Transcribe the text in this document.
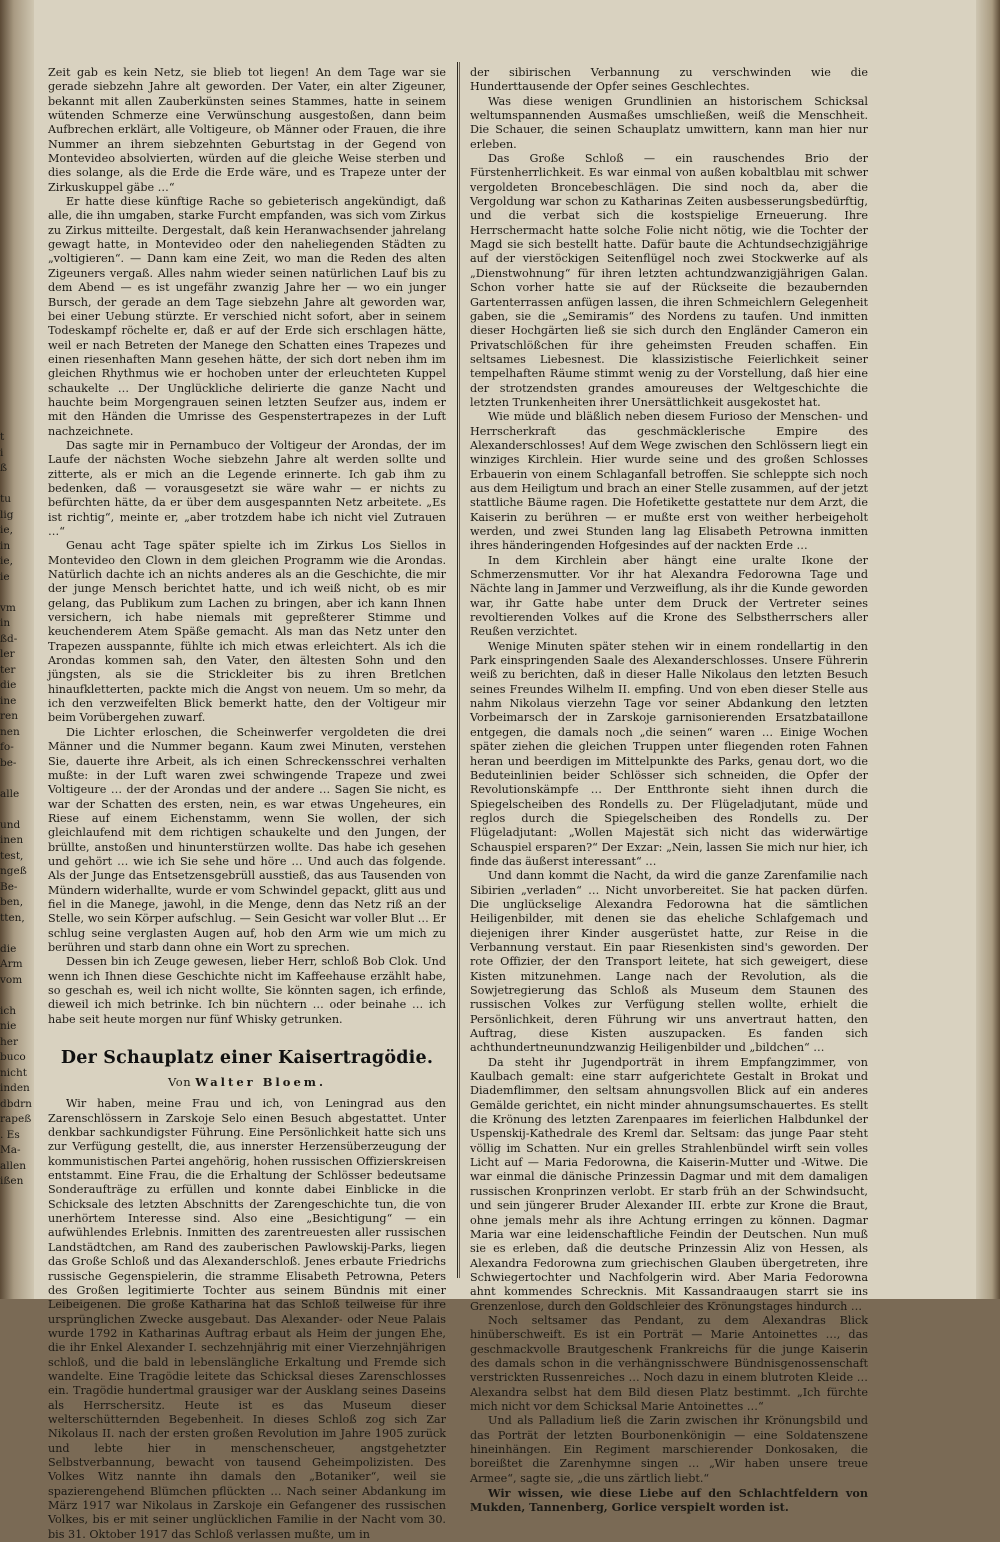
t
i
ß

tu
lig
ie,
in
ie,
ie

vm
in
ßd-
ler
ter
die
ine
ren
nen
fo-
be-

alle

und
inen
test,
ngeß
Be-
ben,
tten,

die
Arm
vom

ich
nie
her
buco
nicht
inden
dbdrn
rapeß
. Es
Ma-
allen
ißen

Zeit gab es kein Netz, sie blieb tot liegen! An dem Tage war sie gerade siebzehn Jahre alt geworden. Der Vater, ein alter Zigeuner, bekannt mit allen Zauberkünsten seines Stammes, hatte in seinem wütenden Schmerze eine Verwünschung ausgestoßen, dann beim Aufbrechen erklärt, alle Voltigeure, ob Männer oder Frauen, die ihre Nummer an ihrem siebzehnten Geburtstag in der Gegend von Montevideo absolvierten, würden auf die gleiche Weise sterben und dies solange, als die Erde die Erde wäre, und es Trapeze unter der Zirkuskuppel gäbe …“

Er hatte diese künftige Rache so gebieterisch angekündigt, daß alle, die ihn umgaben, starke Furcht empfanden, was sich vom Zirkus zu Zirkus mitteilte. Dergestalt, daß kein Heranwachsender jahrelang gewagt hatte, in Montevideo oder den naheliegenden Städten zu „voltigieren“. — Dann kam eine Zeit, wo man die Reden des alten Zigeuners vergaß. Alles nahm wieder seinen natürlichen Lauf bis zu dem Abend — es ist ungefähr zwanzig Jahre her — wo ein junger Bursch, der gerade an dem Tage siebzehn Jahre alt geworden war, bei einer Uebung stürzte. Er verschied nicht sofort, aber in seinem Todeskampf röchelte er, daß er auf der Erde sich erschlagen hätte, weil er nach Betreten der Manege den Schatten eines Trapezes und einen riesenhaften Mann gesehen hätte, der sich dort neben ihm im gleichen Rhythmus wie er hochoben unter der erleuchteten Kuppel schaukelte … Der Unglückliche delirierte die ganze Nacht und hauchte beim Morgengrauen seinen letzten Seufzer aus, indem er mit den Händen die Umrisse des Gespenstertrapezes in der Luft nachzeichnete.

Das sagte mir in Pernambuco der Voltigeur der Arondas, der im Laufe der nächsten Woche siebzehn Jahre alt werden sollte und zitterte, als er mich an die Legende erinnerte. Ich gab ihm zu bedenken, daß — vorausgesetzt sie wäre wahr — er nichts zu befürchten hätte, da er über dem ausgespannten Netz arbeitete. „Es ist richtig“, meinte er, „aber trotzdem habe ich nicht viel Zutrauen …“

Genau acht Tage später spielte ich im Zirkus Los Siellos in Montevideo den Clown in dem gleichen Programm wie die Arondas. Natürlich dachte ich an nichts anderes als an die Geschichte, die mir der junge Mensch berichtet hatte, und ich weiß nicht, ob es mir gelang, das Publikum zum Lachen zu bringen, aber ich kann Ihnen versichern, ich habe niemals mit gepreßterer Stimme und keuchenderem Atem Späße gemacht. Als man das Netz unter den Trapezen ausspannte, fühlte ich mich etwas erleichtert. Als ich die Arondas kommen sah, den Vater, den ältesten Sohn und den jüngsten, als sie die Strickleiter bis zu ihren Bretlchen hinaufkletterten, packte mich die Angst von neuem. Um so mehr, da ich den verzweifelten Blick bemerkt hatte, den der Voltigeur mir beim Vorübergehen zuwarf.

Die Lichter erloschen, die Scheinwerfer vergoldeten die drei Männer und die Nummer begann. Kaum zwei Minuten, verstehen Sie, dauerte ihre Arbeit, als ich einen Schreckensschrei verhalten mußte: in der Luft waren zwei schwingende Trapeze und zwei Voltigeure … der der Arondas und der andere … Sagen Sie nicht, es war der Schatten des ersten, nein, es war etwas Ungeheures, ein Riese auf einem Eichenstamm, wenn Sie wollen, der sich gleichlaufend mit dem richtigen schaukelte und den Jungen, der brüllte, anstoßen und hinunterstürzen wollte. Das habe ich gesehen und gehört … wie ich Sie sehe und höre … Und auch das folgende. Als der Junge das Entsetzensgebrüll ausstieß, das aus Tausenden von Mündern widerhallte, wurde er vom Schwindel gepackt, glitt aus und fiel in die Manege, jawohl, in die Menge, denn das Netz riß an der Stelle, wo sein Körper aufschlug. — Sein Gesicht war voller Blut … Er schlug seine verglasten Augen auf, hob den Arm wie um mich zu berühren und starb dann ohne ein Wort zu sprechen.

Dessen bin ich Zeuge gewesen, lieber Herr, schloß Bob Clok. Und wenn ich Ihnen diese Geschichte nicht im Kaffeehause erzählt habe, so geschah es, weil ich nicht wollte, Sie könnten sagen, ich erfinde, dieweil ich mich betrinke. Ich bin nüchtern … oder beinahe … ich habe seit heute morgen nur fünf Whisky getrunken.

Der Schauplatz einer Kaisertragödie.
Von Walter Bloem.

Wir haben, meine Frau und ich, von Leningrad aus den Zarenschlössern in Zarskoje Selo einen Besuch abgestattet. Unter denkbar sachkundigster Führung. Eine Persönlichkeit hatte sich uns zur Verfügung gestellt, die, aus innerster Herzensüberzeugung der kommunistischen Partei angehörig, hohen russischen Offizierskreisen entstammt. Eine Frau, die die Erhaltung der Schlösser bedeutsame Sonderaufträge zu erfüllen und konnte dabei Einblicke in die Schicksale des letzten Abschnitts der Zarengeschichte tun, die von unerhörtem Interesse sind. Also eine „Besichtigung“ — ein aufwühlendes Erlebnis. Inmitten des zarentreuesten aller russischen Landstädtchen, am Rand des zauberischen Pawlowskij-Parks, liegen das Große Schloß und das Alexanderschloß. Jenes erbaute Friedrichs russische Gegenspielerin, die stramme Elisabeth Petrowna, Peters des Großen legitimierte Tochter aus seinem Bündnis mit einer Leibeigenen. Die große Katharina hat das Schloß teilweise für ihre ursprünglichen Zwecke ausgebaut. Das Alexander- oder Neue Palais wurde 1792 in Katharinas Auftrag erbaut als Heim der jungen Ehe, die ihr Enkel Alexander I. sechzehnjährig mit einer Vierzehnjährigen schloß, und die bald in lebenslängliche Erkaltung und Fremde sich wandelte. Eine Tragödie leitete das Schicksal dieses Zarenschlosses ein. Tragödie hundertmal grausiger war der Ausklang seines Daseins als Herrschersitz. Heute ist es das Museum dieser welterschütternden Begebenheit. In dieses Schloß zog sich Zar Nikolaus II. nach der ersten großen Revolution im Jahre 1905 zurück und lebte hier in menschenscheuer, angstgehetzter Selbstverbannung, bewacht von tausend Geheimpolizisten. Des Volkes Witz nannte ihn damals den „Botaniker“, weil sie spazierengehend Blümchen pflückten … Nach seiner Abdankung im März 1917 war Nikolaus in Zarskoje ein Gefangener des russischen Volkes, bis er mit seiner unglücklichen Familie in der Nacht vom 30. bis 31. Oktober 1917 das Schloß verlassen mußte, um in

der sibirischen Verbannung zu verschwinden wie die Hunderttausende der Opfer seines Geschlechtes.

Was diese wenigen Grundlinien an historischem Schicksal weltumspannenden Ausmaßes umschließen, weiß die Menschheit. Die Schauer, die seinen Schauplatz umwittern, kann man hier nur erleben.

Das Große Schloß — ein rauschendes Brio der Fürstenherrlichkeit. Es war einmal von außen kobaltblau mit schwer vergoldeten Broncebeschlägen. Die sind noch da, aber die Vergoldung war schon zu Katharinas Zeiten ausbesserungsbedürftig, und die verbat sich die kostspielige Erneuerung. Ihre Herrschermacht hatte solche Folie nicht nötig, wie die Tochter der Magd sie sich bestellt hatte. Dafür baute die Achtundsechzigjährige auf der vierstöckigen Seitenflügel noch zwei Stockwerke auf als „Dienstwohnung“ für ihren letzten achtundzwanzigjährigen Galan. Schon vorher hatte sie auf der Rückseite die bezaubernden Gartenterrassen anfügen lassen, die ihren Schmeichlern Gelegenheit gaben, sie die „Semiramis“ des Nordens zu taufen. Und inmitten dieser Hochgärten ließ sie sich durch den Engländer Cameron ein Privatschlößchen für ihre geheimsten Freuden schaffen. Ein seltsames Liebesnest. Die klassizistische Feierlichkeit seiner tempelhaften Räume stimmt wenig zu der Vorstellung, daß hier eine der strotzendsten grandes amoureuses der Weltgeschichte die letzten Trunkenheiten ihrer Unersättlichkeit ausgekostet hat.

Wie müde und bläßlich neben diesem Furioso der Menschen- und Herrscherkraft das geschmäcklerische Empire des Alexanderschlosses! Auf dem Wege zwischen den Schlössern liegt ein winziges Kirchlein. Hier wurde seine und des großen Schlosses Erbauerin von einem Schlaganfall betroffen. Sie schleppte sich noch aus dem Heiligtum und brach an einer Stelle zusammen, auf der jetzt stattliche Bäume ragen. Die Hofetikette gestattete nur dem Arzt, die Kaiserin zu berühren — er mußte erst von weither herbeigeholt werden, und zwei Stunden lang lag Elisabeth Petrowna inmitten ihres händeringenden Hofgesindes auf der nackten Erde …

In dem Kirchlein aber hängt eine uralte Ikone der Schmerzensmutter. Vor ihr hat Alexandra Fedorowna Tage und Nächte lang in Jammer und Verzweiflung, als ihr die Kunde geworden war, ihr Gatte habe unter dem Druck der Vertreter seines revoltierenden Volkes auf die Krone des Selbstherrschers aller Reußen verzichtet.

Wenige Minuten später stehen wir in einem rondellartig in den Park einspringenden Saale des Alexanderschlosses. Unsere Führerin weiß zu berichten, daß in dieser Halle Nikolaus den letzten Besuch seines Freundes Wilhelm II. empfing. Und von eben dieser Stelle aus nahm Nikolaus vierzehn Tage vor seiner Abdankung den letzten Vorbeimarsch der in Zarskoje garnisonierenden Ersatzbataillone entgegen, die damals noch „die seinen“ waren … Einige Wochen später ziehen die gleichen Truppen unter fliegenden roten Fahnen heran und beerdigen im Mittelpunkte des Parks, genau dort, wo die Beduteinlinien beider Schlösser sich schneiden, die Opfer der Revolutionskämpfe … Der Entthronte sieht ihnen durch die Spiegelscheiben des Rondells zu. Der Flügeladjutant, müde und reglos durch die Spiegelscheiben des Rondells zu. Der Flügeladjutant: „Wollen Majestät sich nicht das widerwärtige Schauspiel ersparen?“ Der Exzar: „Nein, lassen Sie mich nur hier, ich finde das äußerst interessant“ …

Und dann kommt die Nacht, da wird die ganze Zarenfamilie nach Sibirien „verladen“ … Nicht unvorbereitet. Sie hat packen dürfen. Die unglückselige Alexandra Fedorowna hat die sämtlichen Heiligenbilder, mit denen sie das eheliche Schlafgemach und diejenigen ihrer Kinder ausgerüstet hatte, zur Reise in die Verbannung verstaut. Ein paar Riesenkisten sind's geworden. Der rote Offizier, der den Transport leitete, hat sich geweigert, diese Kisten mitzunehmen. Lange nach der Revolution, als die Sowjetregierung das Schloß als Museum dem Staunen des russischen Volkes zur Verfügung stellen wollte, erhielt die Persönlichkeit, deren Führung wir uns anvertraut hatten, den Auftrag, diese Kisten auszupacken. Es fanden sich achthundertneunundzwanzig Heiligenbilder und „bildchen“ …

Da steht ihr Jugendporträt in ihrem Empfangzimmer, von Kaulbach gemalt: eine starr aufgerichtete Gestalt in Brokat und Diademflimmer, den seltsam ahnungsvollen Blick auf ein anderes Gemälde gerichtet, ein nicht minder ahnungsumschauertes. Es stellt die Krönung des letzten Zarenpaares im feierlichen Halbdunkel der Uspenskij-Kathedrale des Kreml dar. Seltsam: das junge Paar steht völlig im Schatten. Nur ein grelles Strahlenbündel wirft sein volles Licht auf — Maria Fedorowna, die Kaiserin-Mutter und -Witwe. Die war einmal die dänische Prinzessin Dagmar und mit dem damaligen russischen Kronprinzen verlobt. Er starb früh an der Schwindsucht, und sein jüngerer Bruder Alexander III. erbte zur Krone die Braut, ohne jemals mehr als ihre Achtung erringen zu können. Dagmar Maria war eine leidenschaftliche Feindin der Deutschen. Nun muß sie es erleben, daß die deutsche Prinzessin Aliz von Hessen, als Alexandra Fedorowna zum griechischen Glauben übergetreten, ihre Schwiegertochter und Nachfolgerin wird. Aber Maria Fedorowna ahnt kommendes Schrecknis. Mit Kassandraaugen starrt sie ins Grenzenlose, durch den Goldschleier des Krönungstages hindurch …

Noch seltsamer das Pendant, zu dem Alexandras Blick hinüberschweift. Es ist ein Porträt — Marie Antoinettes …, das geschmackvolle Brautgeschenk Frankreichs für die junge Kaiserin des damals schon in die verhängnisschwere Bündnisgenossenschaft verstrickten Russenreiches … Noch dazu in einem blutroten Kleide … Alexandra selbst hat dem Bild diesen Platz bestimmt. „Ich fürchte mich nicht vor dem Schicksal Marie Antoinettes …“

Und als Palladium ließ die Zarin zwischen ihr Krönungsbild und das Porträt der letzten Bourbonenkönigin — eine Soldatenszene hineinhängen. Ein Regiment marschierender Donkosaken, die boreißtet die Zarenhymne singen … „Wir haben unsere treue Armee“, sagte sie, „die uns zärtlich liebt.“

Wir wissen, wie diese Liebe auf den Schlachtfeldern von Mukden, Tannenberg, Gorlice verspielt worden ist.
